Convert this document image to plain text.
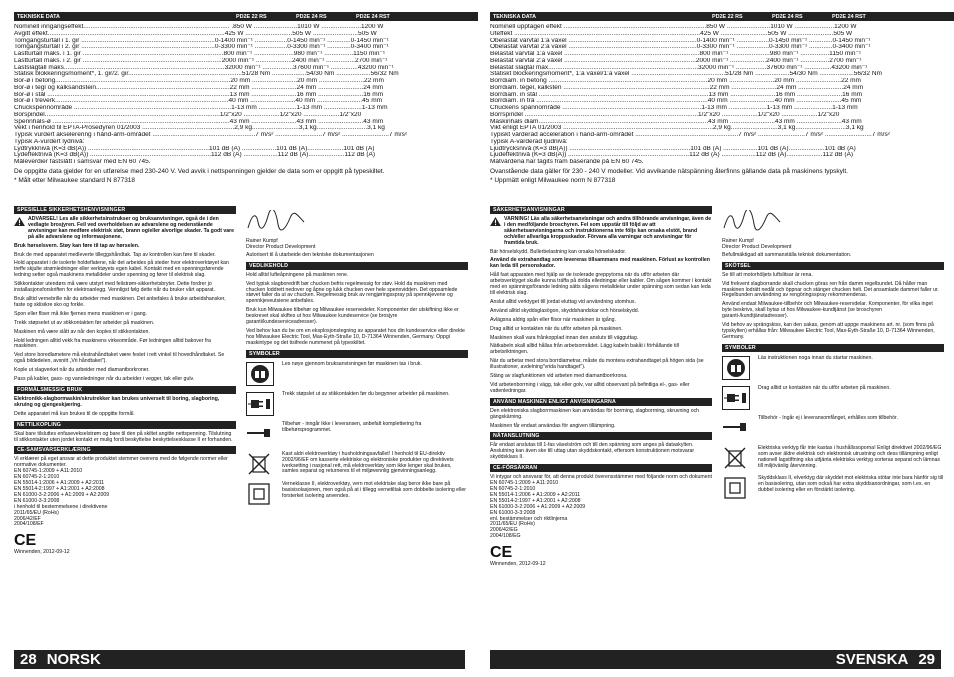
TEKNISKE DATA	PD2E 22 RS	PD2E 24 RS	PD2E 24 RST
Nominell inngangseffekt................................................................................. .850 W ........................1010 W ......................1200 W
Avgitt effekt..................................................................................................425 W ..........................505 W .........................505 W
Tomgangsturtall i 1. gir ..........................................................................0-1400 min⁻¹ ..................0-1450 min⁻¹ .............0-1450 min⁻¹
Tomgangsturtall i 2. gir ..........................................................................0-3300 min⁻¹ ..................0-3300 min⁻¹ .............0-3400 min⁻¹
Lastturtall maks. i 1. gir ..............................................................................800 min⁻¹ ......................980 min⁻¹ ................1150 min⁻¹
Lastturtall maks. i 2. gir .............................................................................2000 min⁻¹ ....................2400 min⁻¹ ................2700 min⁻¹
Lastslagtall maks.........................................................................................32000 min⁻¹ .................37600 min⁻¹ ...............43200 min⁻¹
Statisk blokkeringsmoment*, 1. gir/2. gir...............................................................51/28 Nm ...................54/30 Nm ...................56/32 Nm
Bor-ø i betong.................................................................................................20 mm .........................20 mm .........................22 mm
Bor-ø i tegl og kalksandstein..........................................................................22 mm .........................24 mm .........................24 mm
Bor-ø i stål .....................................................................................................13 mm .........................16 mm .........................16 mm
Bor-ø i treverk................................................................................................40 mm .........................40 mm .........................45 mm
Chuckspennområde .......................................................................................1-13 mm .....................1-13 mm .....................1-13 mm
Borspindel.................................................................................................1/2"x20 ....................1/2"x20 ....................1/2"x20
Spennhals-ø ..................................................................................................43 mm .........................43 mm .........................43 mm
Vekt i henhold til EPTA-Prosedyren 01/2003 ...................................................2,9 kg..........................3,1 kg............................3,1 kg
Typisk vurdert akselerering i hånd-arm-området .........................................................7 m/s² ..........................7 m/s² ..........................7 m/s²
Typisk A-vurdert lydnivå:
Lydtrykknivå (K=3 dB(A)) ...................................................................101 dB (A) ...................101 dB (A)....................101 dB (A)
Lydeffektnivå (K=3 dB(A)) ...................................................................112 dB (A) ...................112 dB (A)....................112 dB (A)
Måleverdier fastslått i samsvar med EN 60 745.
De oppgitte data gjelder for en utførelse med 230-240 V. Ved avvik i nettspenningen gjelder de data som er oppgitt på typeskiltet.
* Målt etter Milwaukee standard N 877318
SPESIELLE SIKKERHETSHENVISNINGER
ADVARSEL! Les alle sikkerhetsinstrukser og bruksanvisninger, også de i den vedlagte brosjyren. Feil ved overholdelsen av advarslene og nedenstående anvisninger kan medføre elektrisk støt, brann og/eller alvorlige skader. Ta godt vare på alle advarslene og informasjonene.
Bruk hørselsvern. Støy kan føre til tap av hørselen.
Bruk de med apparatet medleverte tilleggshåndtak. Tap av kontrollen kan føre til skader.
Hold apparatet i de isolerte holdeflatene, når det arbeides på steder hvor elektroverktøyet kan treffe skjulte strømledninger eller verktøyets egen kabel. Kontakt med en spenningsførende ledning setter også maskinens metalldeler under spenning og fører til elektrisk slag.
Stikkontakter utendørs må være utstyrt med feilstrøm-sikkerhetsbryter. Dette fordrer jo installasjonsforskriften for elektroanlegg. Vennligst følg dette når du bruker vårt apparat.
Bruk alltid vernebrille når du arbeider med maskinen. Det anbefales å bruke arbeidshansker, faste og sklisikre sko og forkle.
Spon eller fliser må ikke fjernes mens maskinen er i gang.
Trekk støpselet ut av stikkontakten før arbeider på maskinen.
Maskinen må være slått av når den koples til stikkontakten.
Hold ledningen alltid vekk fra maskinens virkeområde. Før ledningen alltid bakover fra maskinen.
Ved store boredlametere må ekstrahåndtaket være festet i rett vinkel til hovedhåndtaket. Se også bildedelen, avsnitt „Vri håndtaket").
Kople ut slagverket når du arbeider med diamantborkroner.
Pass på kabler, gass- og vannledninger når du arbeider i vegger, tak eller gulv.
FORMÅLSMESSIG BRUK
Elektronikk-slagbormaskin/skrutrekker kan brukes universelt til boring, slagboring, skruing og gjengeskjæring.
Dette apparatet må kun brukes til de oppgitte formål.
NETTILKOPLING
Skal bare tilsluttes enfasevekselstrøm og bare til den på skiltet angitte nettspenning. Tilslutning til stikkontakter uten jordet kontakt er mulig fordi beskyttelse beskyttelsesklasse II er forhanden.
CE-SAMSVARSERKLÆRING
Vi erklærer på eget ansvar at dette produktet stemmer overens med de følgende normer eller normative dokumenter.
EN 60745-1:2009 + A11:2010
EN 60745-2-1:2010
EN 55014-1:2006 + A1:2009 + A2:2011
EN 55014-2:1997 + A1:2001 + A2:2008
EN 61000-3-2:2006 + A1:2009 + A2:2009
EN 61000-3-3:2008
i henhold til bestemmelsene i direktivene
2011/65/EU (RoHs)
2006/42/EF
2004/108/EF
CE
Winnenden, 2012-09-12
Rainer Kumpf
Director Product Development
Autorisert til å utarbeide den tekniske dokumentasjonen
VEDLIKEHOLD
Hold alltid lufteåpningene på maskinen rene.
Ved typisk slagboredrift bør chucken befris regelmessig for støv. Hold da maskinen med chucken loddrett nedover og åpne og lukk chucken over hele spennvidden. Det oppsamlede støvet faller da ut av chucken. Regelmessig bruk av rengjøringsspray på spennkjevene og spennkjeveutsiene anbefales.
Bruk kun Milwaukee tilbehør og Milwaukee reservedeler. Komponenter der utskiftning ikke er beskrevet skal skiftes ut hos Milwaukee kundeservice (se brosjyre garanti/kundeserviceadresser).
Ved behov kan du be om en eksplosjonstegning av apparatet hos din kundeservice eller direkte hos Milwaukee Electric Tool, Max-Eyth-Straße 10, D-71364 Winnenden, Germany. Oppgi maskintype og det tisifrede nummeret på typeskiltet.
SYMBOLER
Les nøye gjennom bruksanvisningen før maskinen tas i bruk.
Trekk støpslet ut av stikkontakten før du begynner arbeider på maskinen.
Tilbehør - inngår ikke i leveransen, anbefalt komplettering fra tilbehørsprogrammet.
Kast aldri elektroverktøy i husholdningsavfallet! I henhold til EU-direktiv 2002/96/EF om kasserte elektriske og elektroniske produkter og direktivets iverksetting i nasjonal rett, må elektroverktøy som ikke lenger skal brukes, samles separat og returneres til et miljøvennlig gjenvinningsanlegg.
Verneklasse II, elektroverktøy, vern mot elektriske slag beror ikke bare på basisisolasjonen, men også på at i tillegg vernetiltak som dobbelte isolering eller forsterket isolering anvendes.
28 NORSK
TEKNISKA DATA	PD2E 22 RS	PD2E 24 RS	PD2E 24 RST
Nominell upptagen effekt ...............................................................................850 W ........................1010 W ......................1200 W
Uteffekt .......................................................................................................425 W ..........................505 W .........................505 W
Obelastat varvtal 1:a växel .......................................................................0-1400 min⁻¹ ..................0-1450 min⁻¹ .............0-1450 min⁻¹
Obelastat varvtal 2:a växel .......................................................................0-3300 min⁻¹ ..................0-3300 min⁻¹ .............0-3400 min⁻¹
Belastat varvtal 1:a växel ...........................................................................800 min⁻¹ ......................980 min⁻¹ ................1150 min⁻¹
Belastat varvtal 2:a växel .........................................................................2000 min⁻¹ ....................2400 min⁻¹ ................2700 min⁻¹
Belastat slagtal max...................................................................................32000 min⁻¹ .................37600 min⁻¹ ...............43200 min⁻¹
Statiskt blockeringsmoment*, 1:a växel/1:a växel ....................................................51/28 Nm ...................54/30 Nm ...................56/32 Nm
Borrdiam. in betong ........................................................................................20 mm .........................20 mm .........................22 mm
Borrdiam. tegel, kalksten .................................................................................22 mm .........................24 mm .........................24 mm
Borrdiam. in stål ..............................................................................................13 mm .........................16 mm .........................16 mm
Borrdiam. in trä ...............................................................................................40 mm .........................40 mm .........................45 mm
Chuckens spännområde .............................................................................1-13 mm .....................1-13 mm .....................1-13 mm
Borrspindel ................................................................................................1/2"x20 ....................1/2"x20 ....................1/2"x20
Maskinhals diam..............................................................................................43 mm .........................43 mm .........................43 mm
Vikt enligt EPTA 01/2003 ...................................................................................2,9 kg..........................3,1 kg............................3,1 kg
Typiskt värderad acceleration i hand-arm-området .........................................................7 m/s² ..........................7 m/s² ..........................7 m/s²
Typisk A-värderad ljudnivå:
Ljudtrycksnivå (K=3 dB(A)) ...................................................................101 dB (A) ...................101 dB (A)....................101 dB (A)
Ljudeffektnivå (K=3 dB(A)) ...................................................................112 dB (A) ...................112 dB (A)....................112 dB (A)
Mätvärdena har tagits fram baserande på EN 60 745.
Ovanstående data gäller för 230 - 240 V modeller. Vid avvikande nätspänning återfinns gällande data på maskinens typskylt.
* Uppmätt enligt Milwaukee norm N 877318
SÄKERHETSANVISNINGAR
VARNING! Läs alla säkerhetsanvisningar och andra tillhörande anvisningar, även de i den medföljande broschyren. Fel som uppstår till följd av att säkerhetsanvisningarna och instruktionerna inte följs kan orsaka elstöt, brand och/eller allvarliga kroppsskador. Förvara alla varningar och anvisningar för framtida bruk.
Bär hörselskydd. Bullerbelastning kan orsaka hörselskador.
Använd de extrahandtag som levereras tillsammans med maskinen. Förlust av kontrollen kan leda till personskador.
Håll fast apparaten med hjälp av de isolerade greppytorna när du utför arbeten där arbetsverktyget skulle kunna träffa på dolda elledningar eller kabler. Om sågen kommer i kontakt med en spänningsförande ledning sätts sågens metalldelar under spänning som sedan kan leda till elektrisk slag.
Anslut alltid verktyget till jordat eluttag vid användning utomhus.
Använd alltid skyddsglasögon, skyddshandskar och hörselskydd.
Avlägsna aldrig spån eller flisor när maskinen är igång.
Drag alltid ur kontakten när du utför arbeten på maskinen.
Maskinen skall vara frånkopplad innan den ansluts till vägguttag.
Nätkabeln skall alltid hållas från arbetsområdet. Lägg kabeln bakåt i förhållande till arbetsriktningen.
När du arbetar med stora borrdiametrar, måste du montera extrahandtaget på högen sida (se illustrationer, avdelning"vrida handtaget").
Stäng av slagfunktionen vid arbeten med diamantborrkrona.
Vid arbetenborrning i vägg, tak eller golv, var alltid observant på befintliga el-, gas- eller vattenledningar.
ANVÄND MASKINEN ENLIGT ANVISNINGARNA
Den elektroniska slagborrmaskinen kan användas för borrning, slagborrning, skruvning och gängskärning.
Maskinen får endast användas för angiven tillämpning.
NÄTANSLUTNING
Får endast anslutas till 1-fas växelström och till den spänning som anges på dataskylten. Anslutning kan även ske till uttag utan skyddskontakt, eftersom konstruktionen motsvarar skyddsklass II.
CE-FÖRSÄKRAN
Vi intygar och ansvarar för, att denna produkt överensstämmer med följande norm och dokument
EN 60745-1:2009 + A11:2010
EN 60745-2-1:2010
EN 55014-1:2006 + A1:2009 + A2:2011
EN 55014-2:1997 + A1:2001 + A2:2008
EN 61000-3-2:2006 + A1:2009 + A2:2009
EN 61000-3-3:2008
enl. bestämmelser och riktlinjerna
2011/65/EU (RoHs)
2006/42/EG
2004/108/EG
CE
Winnenden, 2012-09-12
Rainer Kumpf
Director Product Development
Befullmäktigad att sammanställa teknisk dokumentation.
SKÖTSEL
Se till att motorhöljets luftslitsar är rena.
Vid frekvent slagborrande skall chucken göras ren från damm regelbundet. Då håller man maskinen lodrätt nedåt och öppnar och stänger chucken helt. Det ansamlade dammet faller ur. Regelbunden användning av rengöringsspray rekommenderas.
Använd endast Milwaukee-tillbehör och Milwaukee-reservdelar. Komponenter, för vilka inget byte beskrivs, skall bytas ut hos Milwaukee-kundtjänst (se broschyren garanti-/kundtjänstadresser).
Vid behov av sprängskiss, kan den sakas, genom att uppge maskinens art. nr. (som finns på typskylten) erhållas från: Milwaukee Electric Tool, Max-Eyth-Straße 10, D-71364 Winnenden, Germany.
SYMBOLER
Läs instruktionen noga innan du startar maskinen.
Drag alltid ur kontakten när du utför arbeten på maskinen.
Tillbehör - Ingår ej i leveransomfånget, erhålles som tillbehör.
Elektriska verktyg får inte kastas i hushållssoporna! Enligt direktivet 2002/96/EG som avser äldre elektrisk och elektronisk utrustning och dess tillämpning enligt nationell lagstiftning ska uttjänta elektriska verktyg sorteras separat och lämnas till miljövänlig återvinning.
Skyddsklass II, elverktyg där skyddet mot elektriska stötar inte bara hänför sig till en basisolering, utan som också har extra skyddsanordningar, som t.ex. en dubbel isolering eller en förstärkt isolering.
SVENSKA 29
